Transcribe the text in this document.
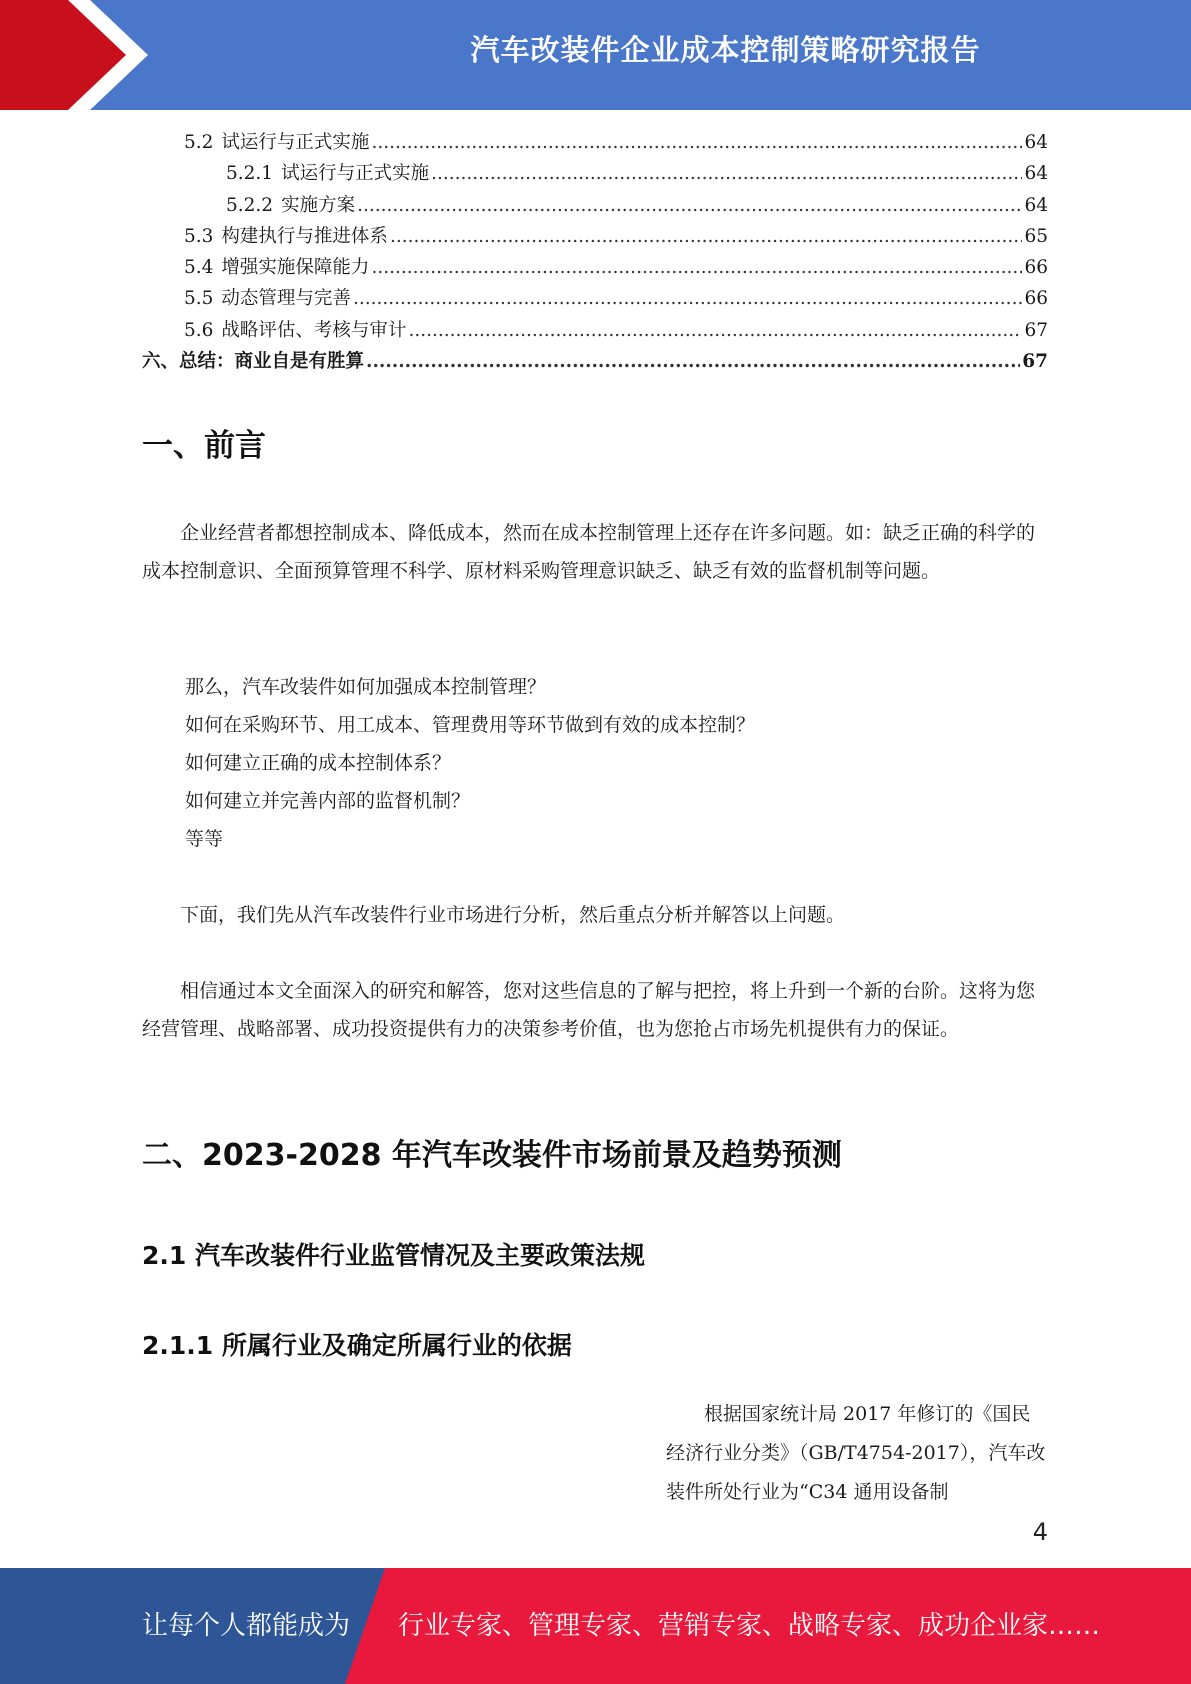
汽车改装件企业成本控制策略研究报告
5.2 试运行与正式实施 .....	64
5.2.1 试运行与正式实施 .....	64
5.2.2 实施方案 .....	64
5.3 构建执行与推进体系 .....	65
5.4 增强实施保障能力 .....	66
5.5 动态管理与完善 .....	66
5.6 战略评估、考核与审计 .....	67
六、总结：商业自是有胜算 .....	67
一、前言

企业经营者都想控制成本、降低成本，然而在成本控制管理上还存在许多问题。如：缺乏正确的科学的成本控制意识、全面预算管理不科学、原材料采购管理意识缺乏、缺乏有效的监督机制等问题。

那么，汽车改装件如何加强成本控制管理？
如何在采购环节、用工成本、管理费用等环节做到有效的成本控制？
如何建立正确的成本控制体系？
如何建立并完善内部的监督机制？
等等

下面，我们先从汽车改装件行业市场进行分析，然后重点分析并解答以上问题。

相信通过本文全面深入的研究和解答，您对这些信息的了解与把控，将上升到一个新的台阶。这将为您经营管理、战略部署、成功投资提供有力的决策参考价值，也为您抢占市场先机提供有力的保证。

二、2023-2028 年汽车改装件市场前景及趋势预测
2.1 汽车改装件行业监管情况及主要政策法规
2.1.1 所属行业及确定所属行业的依据

根据国家统计局 2017 年修订的《国民经济行业分类》（GB/T4754-2017），汽车改装件所处行业为“C34 通用设备制

4
让每个人都能成为 行业专家、管理专家、营销专家、战略专家、成功企业家……
